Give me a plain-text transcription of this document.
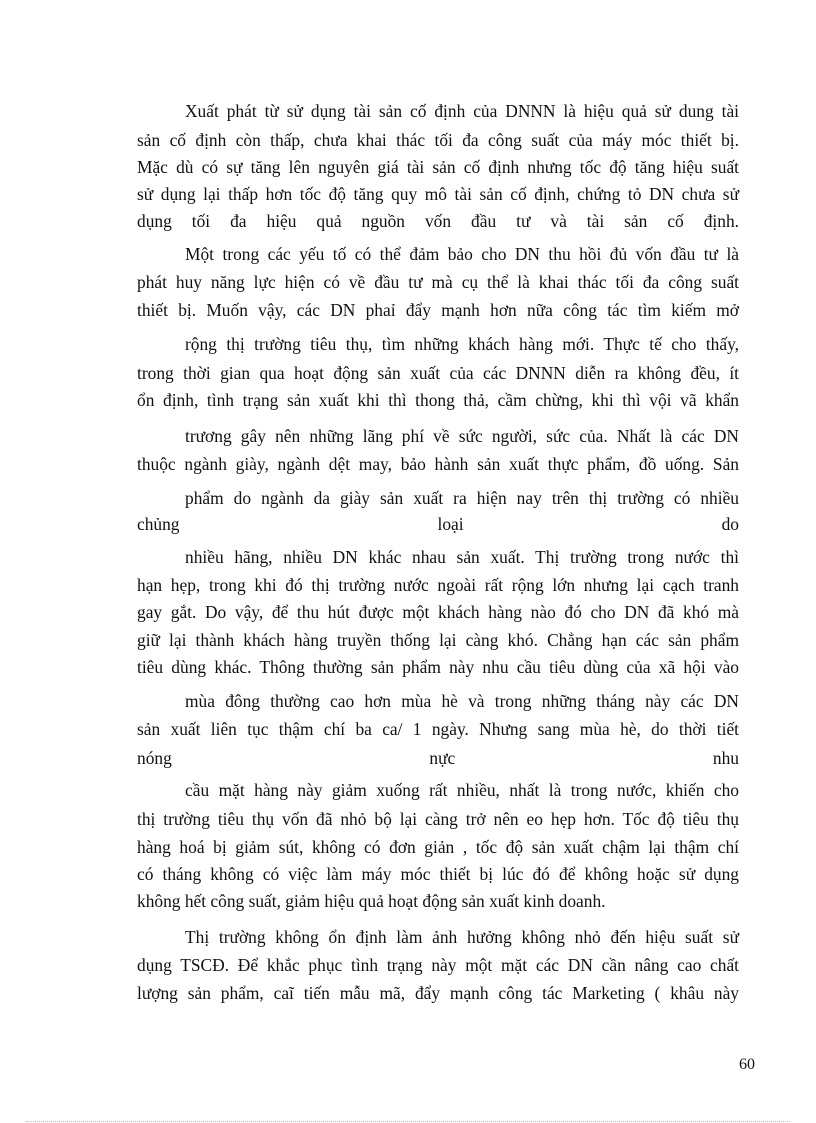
Xuất phát từ sử dụng tài sản cố định của DNNN là hiệu quả sử dung tài
sản cố định còn thấp, chưa khai thác tối đa công suất của máy móc thiết bị.
Mặc dù có sự tăng lên nguyên giá tài sản cố định nhưng tốc độ tăng hiệu suất
sử dụng lại thấp hơn tốc độ tăng quy mô tài sản cố định, chứng tỏ DN chưa sử
dụng tối đa hiệu quả nguồn vốn đầu tư và tài sản cố định.
Một trong các yếu tố có thể đảm bảo cho DN thu hồi đủ vốn đầu tư là
phát huy năng lực hiện có về đầu tư mà cụ thể là khai thác tối đa công suất
thiết bị. Muốn vậy, các DN phaỉ đẩy mạnh hơn nữa công tác tìm kiếm mở
rộng thị trường tiêu thụ, tìm những khách hàng mới. Thực tế cho thấy,
trong thời gian qua hoạt động sản xuất của các DNNN diễn ra không đều, ít
ổn định, tình trạng sản xuất khi thì thong thả, cầm chừng, khi thì vội vã khẩn
trương gây nên những lãng phí về sức người, sức của. Nhất là các DN
thuộc ngành giày, ngành dệt may, bảo hành sản xuất thực phẩm, đồ uống. Sản
phẩm do ngành da giày sản xuất ra hiện nay trên thị trường có nhiều
chủng loại do
nhiều hãng, nhiều DN khác nhau sản xuất. Thị trường trong nước thì
hạn hẹp, trong khi đó thị trường nước ngoài rất rộng lớn nhưng lại cạch tranh
gay gắt. Do vậy, để thu hút được một khách hàng nào đó cho DN đã khó mà
giữ lại thành khách hàng truyền thống lại càng khó. Chẳng hạn các sản phẩm
tiêu dùng khác. Thông thường sản phẩm này nhu cầu tiêu dùng của xã hội vào
mùa đông thường cao hơn mùa hè và trong những tháng này các DN
sản xuất liên tục thậm chí ba ca/ 1 ngày. Nhưng sang mùa hè, do thời tiết
nóng nực nhu
cầu mặt hàng này giảm xuống rất nhiều, nhất là trong nước, khiến cho
thị trường tiêu thụ vốn đã nhỏ bộ lại càng trở nên eo hẹp hơn. Tốc độ tiêu thụ
hàng hoá bị giảm sút, không có đơn giản , tốc độ sản xuất chậm lại thậm chí
có tháng không có việc làm máy móc thiết bị lúc đó để không hoặc sử dụng
không hết công suất, giảm hiệu quả hoạt động sản xuất kinh doanh.
Thị trường không ổn định làm ảnh hưởng không nhỏ đến hiệu suất sử
dụng TSCĐ. Để khắc phục tình trạng này một mặt các DN cần nâng cao chất
lượng sản phẩm, caĩ tiến mẫu mã, đẩy mạnh công tác Marketing ( khâu này
60
